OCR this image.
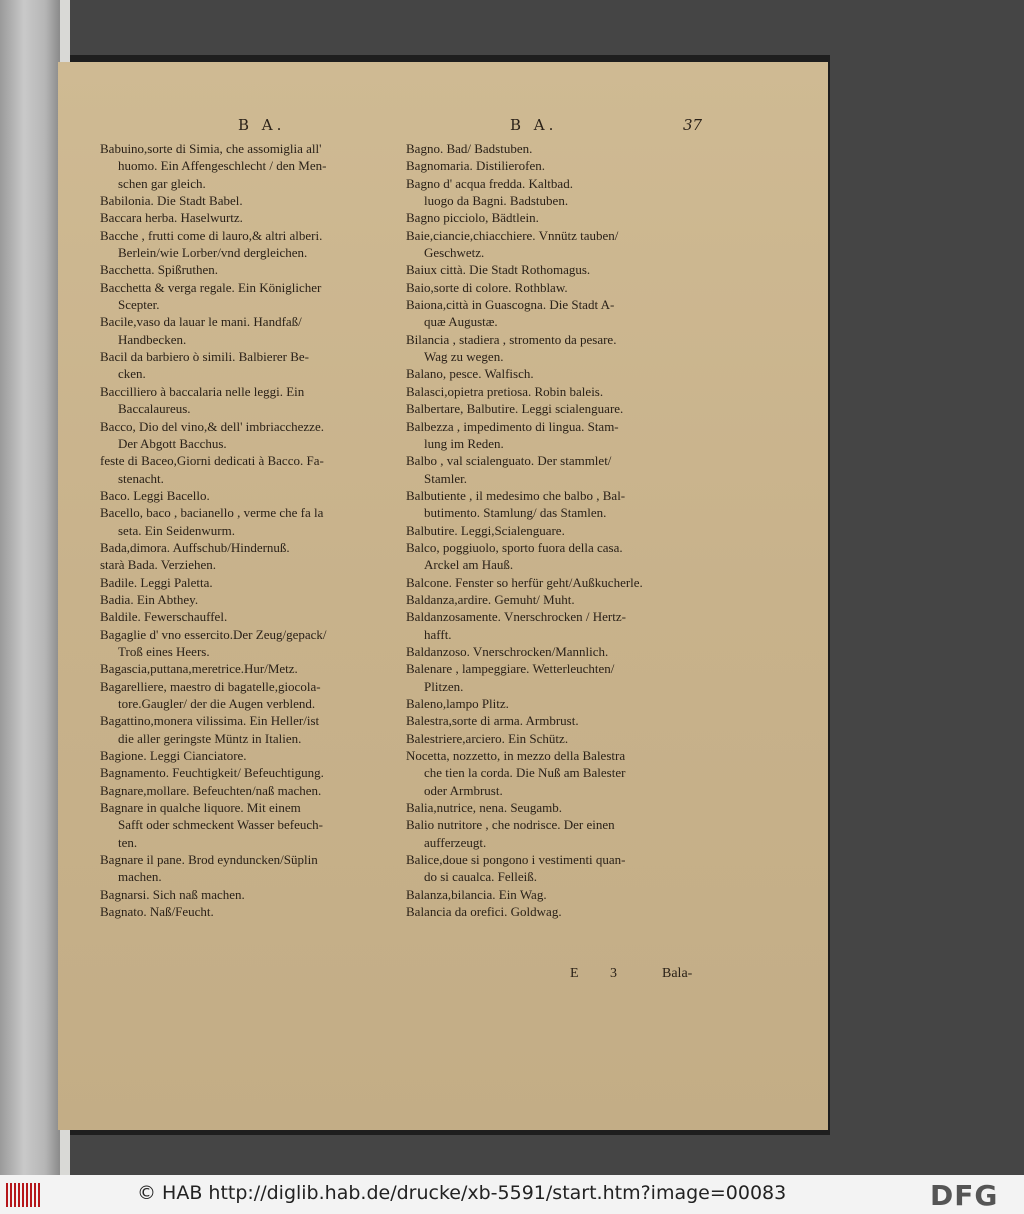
B A.	B A.	37
Babuino,sorte di Simia, che assomiglia all'
huomo. Ein Affengeschlecht / den Men-
schen gar gleich.
Babilonia. Die Stadt Babel.
Baccara herba. Haselwurtz.
Bacche , frutti come di lauro,& altri alberi.
Berlein/wie Lorber/vnd dergleichen.
Bacchetta. Spißruthen.
Bacchetta & verga regale. Ein Königlicher
Scepter.
Bacile,vaso da lauar le mani. Handfaß/
Handbecken.
Bacil da barbiero ò simili. Balbierer Be-
cken.
Baccilliero à baccalaria nelle leggi. Ein
Baccalaureus.
Bacco, Dio del vino,& dell' imbriacchezze.
Der Abgott Bacchus.
feste di Baceo,Giorni dedicati à Bacco. Fa-
stenacht.
Baco. Leggi Bacello.
Bacello, baco , bacianello , verme che fa la
seta. Ein Seidenwurm.
Bada,dimora. Auffschub/Hindernuß.
starà Bada. Verziehen.
Badile. Leggi Paletta.
Badia. Ein Abthey.
Baldile. Fewerschauffel.
Bagaglie d' vno essercito.Der Zeug/gepack/
Troß eines Heers.
Bagascia,puttana,meretrice.Hur/Metz.
Bagarelliere, maestro di bagatelle,giocola-
tore.Gaugler/ der die Augen verblend.
Bagattino,monera vilissima. Ein Heller/ist
die aller geringste Müntz in Italien.
Bagione. Leggi Cianciatore.
Bagnamento. Feuchtigkeit/ Befeuchtigung.
Bagnare,mollare. Befeuchten/naß machen.
Bagnare in qualche liquore. Mit einem
Safft oder schmeckent Wasser befeuch-
ten.
Bagnare il pane. Brod eynduncken/Süplin
machen.
Bagnarsi. Sich naß machen.
Bagnato. Naß/Feucht.
Bagno. Bad/ Badstuben.
Bagnomaria. Distilierofen.
Bagno d' acqua fredda. Kaltbad.
luogo da Bagni. Badstuben.
Bagno picciolo, Bädtlein.
Baie,ciancie,chiacchiere. Vnnütz tauben/
Geschwetz.
Baiux città. Die Stadt Rothomagus.
Baio,sorte di colore. Rothblaw.
Baiona,città in Guascogna. Die Stadt A-
quæ Augustæ.
Bilancia , stadiera , stromento da pesare.
Wag zu wegen.
Balano, pesce. Walfisch.
Balasci,opietra pretiosa. Robin baleis.
Balbertare, Balbutire. Leggi scialenguare.
Balbezza , impedimento di lingua. Stam-
lung im Reden.
Balbo , val scialenguato. Der stammlet/
Stamler.
Balbutiente , il medesimo che balbo , Bal-
butimento. Stamlung/ das Stamlen.
Balbutire. Leggi,Scialenguare.
Balco, poggiuolo, sporto fuora della casa.
Arckel am Hauß.
Balcone. Fenster so herfür geht/Außkucherle.
Baldanza,ardire. Gemuht/ Muht.
Baldanzosamente. Vnerschrocken / Hertz-
hafft.
Baldanzoso. Vnerschrocken/Mannlich.
Balenare , lampeggiare. Wetterleuchten/
Plitzen.
Baleno,lampo Plitz.
Balestra,sorte di arma. Armbrust.
Balestriere,arciero. Ein Schütz.
Nocetta, nozzetto, in mezzo della Balestra
che tien la corda. Die Nuß am Balester
oder Armbrust.
Balia,nutrice, nena. Seugamb.
Balio nutritore , che nodrisce. Der einen
aufferzeugt.
Balice,doue si pongono i vestimenti quan-
do si caualca. Felleiß.
Balanza,bilancia. Ein Wag.
Balancia da orefici. Goldwag.
E 3 Bala-
© HAB http://diglib.hab.de/drucke/xb-5591/start.htm?image=00083	DFG
